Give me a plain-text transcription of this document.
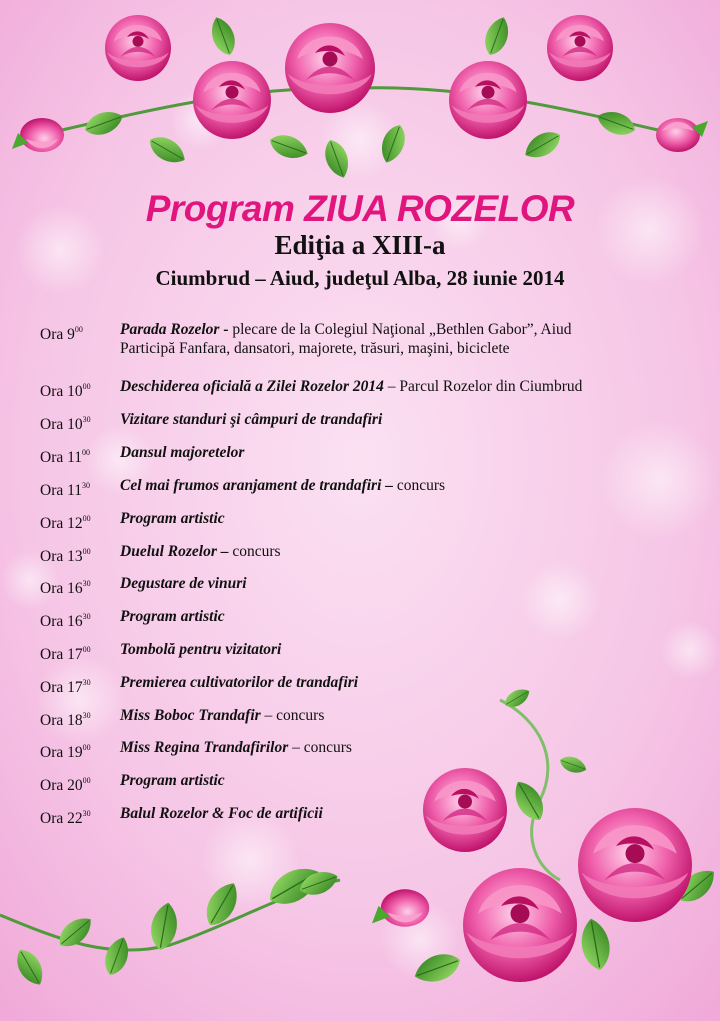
Program ZIUA ROZELOR
Ediţia a XIII-a
Ciumbrud – Aiud, judeţul Alba, 28 iunie 2014
Ora $9^{00}$	Parada Rozelor - plecare de la Colegiul Naţional „Bethlen Gabor”, Aiud
Participă Fanfara, dansatori, majorete, trăsuri, maşini, biciclete
Ora $10^{00}$	Deschiderea oficială a Zilei Rozelor 2014 – Parcul Rozelor din Ciumbrud
Ora $10^{30}$	Vizitare standuri şi câmpuri de trandafiri
Ora $11^{00}$	Dansul majoretelor
Ora $11^{30}$	Cel mai frumos aranjament de trandafiri – concurs
Ora $12^{00}$	Program artistic
Ora $13^{00}$	Duelul Rozelor – concurs
Ora $16^{30}$	Degustare de vinuri
Ora $16^{30}$	Program artistic
Ora $17^{00}$	Tombolă pentru vizitatori
Ora $17^{30}$	Premierea cultivatorilor de trandafiri
Ora $18^{30}$	Miss Boboc Trandafir – concurs
Ora $19^{00}$	Miss Regina Trandafirilor – concurs
Ora $20^{00}$	Program artistic
Ora $22^{30}$	Balul Rozelor & Foc de artificii
